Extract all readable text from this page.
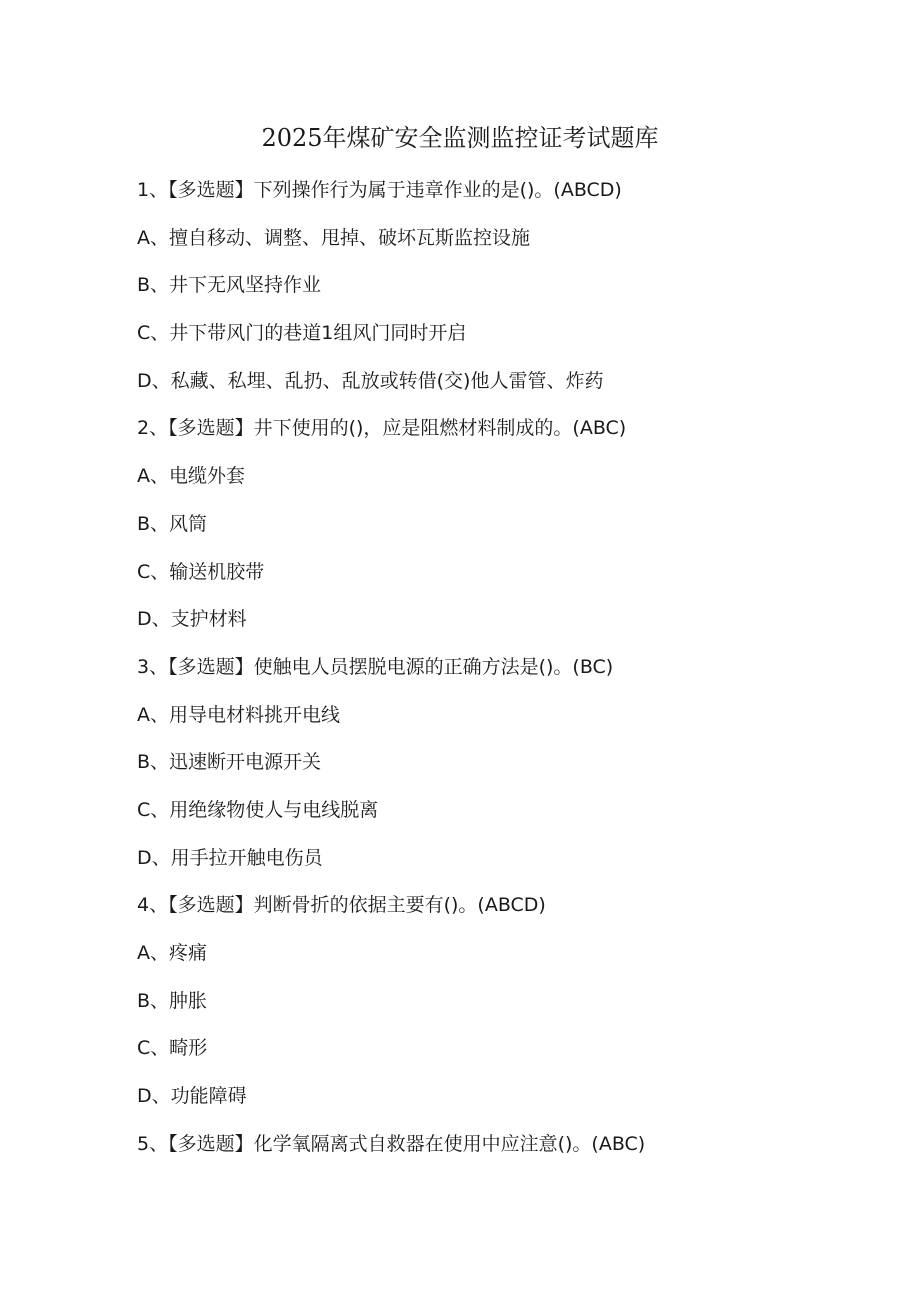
2025年煤矿安全监测监控证考试题库
1、【多选题】下列操作行为属于违章作业的是()。(ABCD)
A、擅自移动、调整、甩掉、破坏瓦斯监控设施
B、井下无风坚持作业
C、井下带风门的巷道1组风门同时开启
D、私藏、私埋、乱扔、乱放或转借(交)他人雷管、炸药
2、【多选题】井下使用的()，应是阻燃材料制成的。(ABC)
A、电缆外套
B、风筒
C、输送机胶带
D、支护材料
3、【多选题】使触电人员摆脱电源的正确方法是()。(BC)
A、用导电材料挑开电线
B、迅速断开电源开关
C、用绝缘物使人与电线脱离
D、用手拉开触电伤员
4、【多选题】判断骨折的依据主要有()。(ABCD)
A、疼痛
B、肿胀
C、畸形
D、功能障碍
5、【多选题】化学氧隔离式自救器在使用中应注意()。(ABC)
